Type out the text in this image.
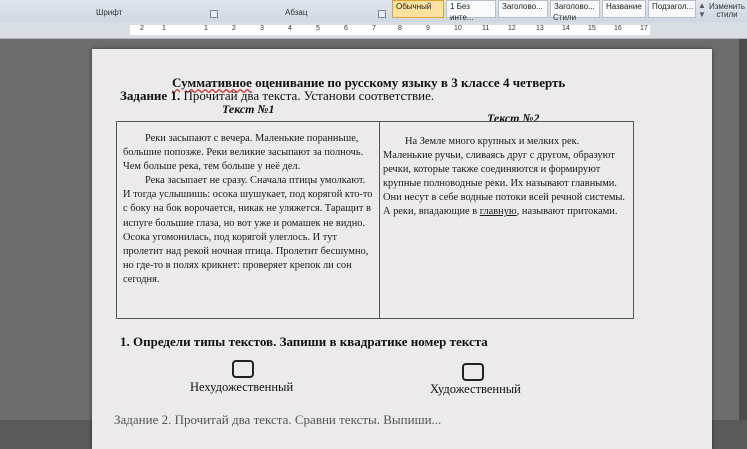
Шрифт	Абзац
Обычный	1 Без инте...
Заголово...	Заголово...	Название	Подзагол... ▲
▼
Стили
Изменить стили
2	1	1	2	3	4	5	6	7	8	9	10	11	12	13	14	15	16	17
Суммативное оценивание по русскому языку в 3 классе 4 четверть
Задание 1. Прочитай два текста. Установи соответствие.
Текст №1
Текст №2

Реки засыпают с вечера. Маленькие поранньше, большие попозже. Реки великие засыпают за полночь. Чем больше река, тем больше у неё дел.

Река засыпает не сразу. Сначала птицы умолкают. И тогда услышишь: осока шушукает, под корягой кто-то с боку на бок ворочается, никак не уляжется. Таращит в испуге большие глаза, но вот уже и ромашек не видно. Осока угомонилась, под корягой улеглось. И тут пролетит над рекой ночная птица. Пролетит бесшумно, но где-то в полях крикнет: проверяет крепок ли сон сегодня.

На Земле много крупных и мелких рек. Маленькие ручьи, сливаясь друг с другом, образуют речки, которые также соединяются и формируют крупные полноводные реки. Их называют главными. Они несут в себе водные потоки всей речной системы. А реки, впадающие в главную, называют притоками.

1. Определи типы текстов. Запиши в квадратике номер текста
Нехудожественный	Художественный
Задание 2. Прочитай два текста. Сравни тексты. Выпиши...
